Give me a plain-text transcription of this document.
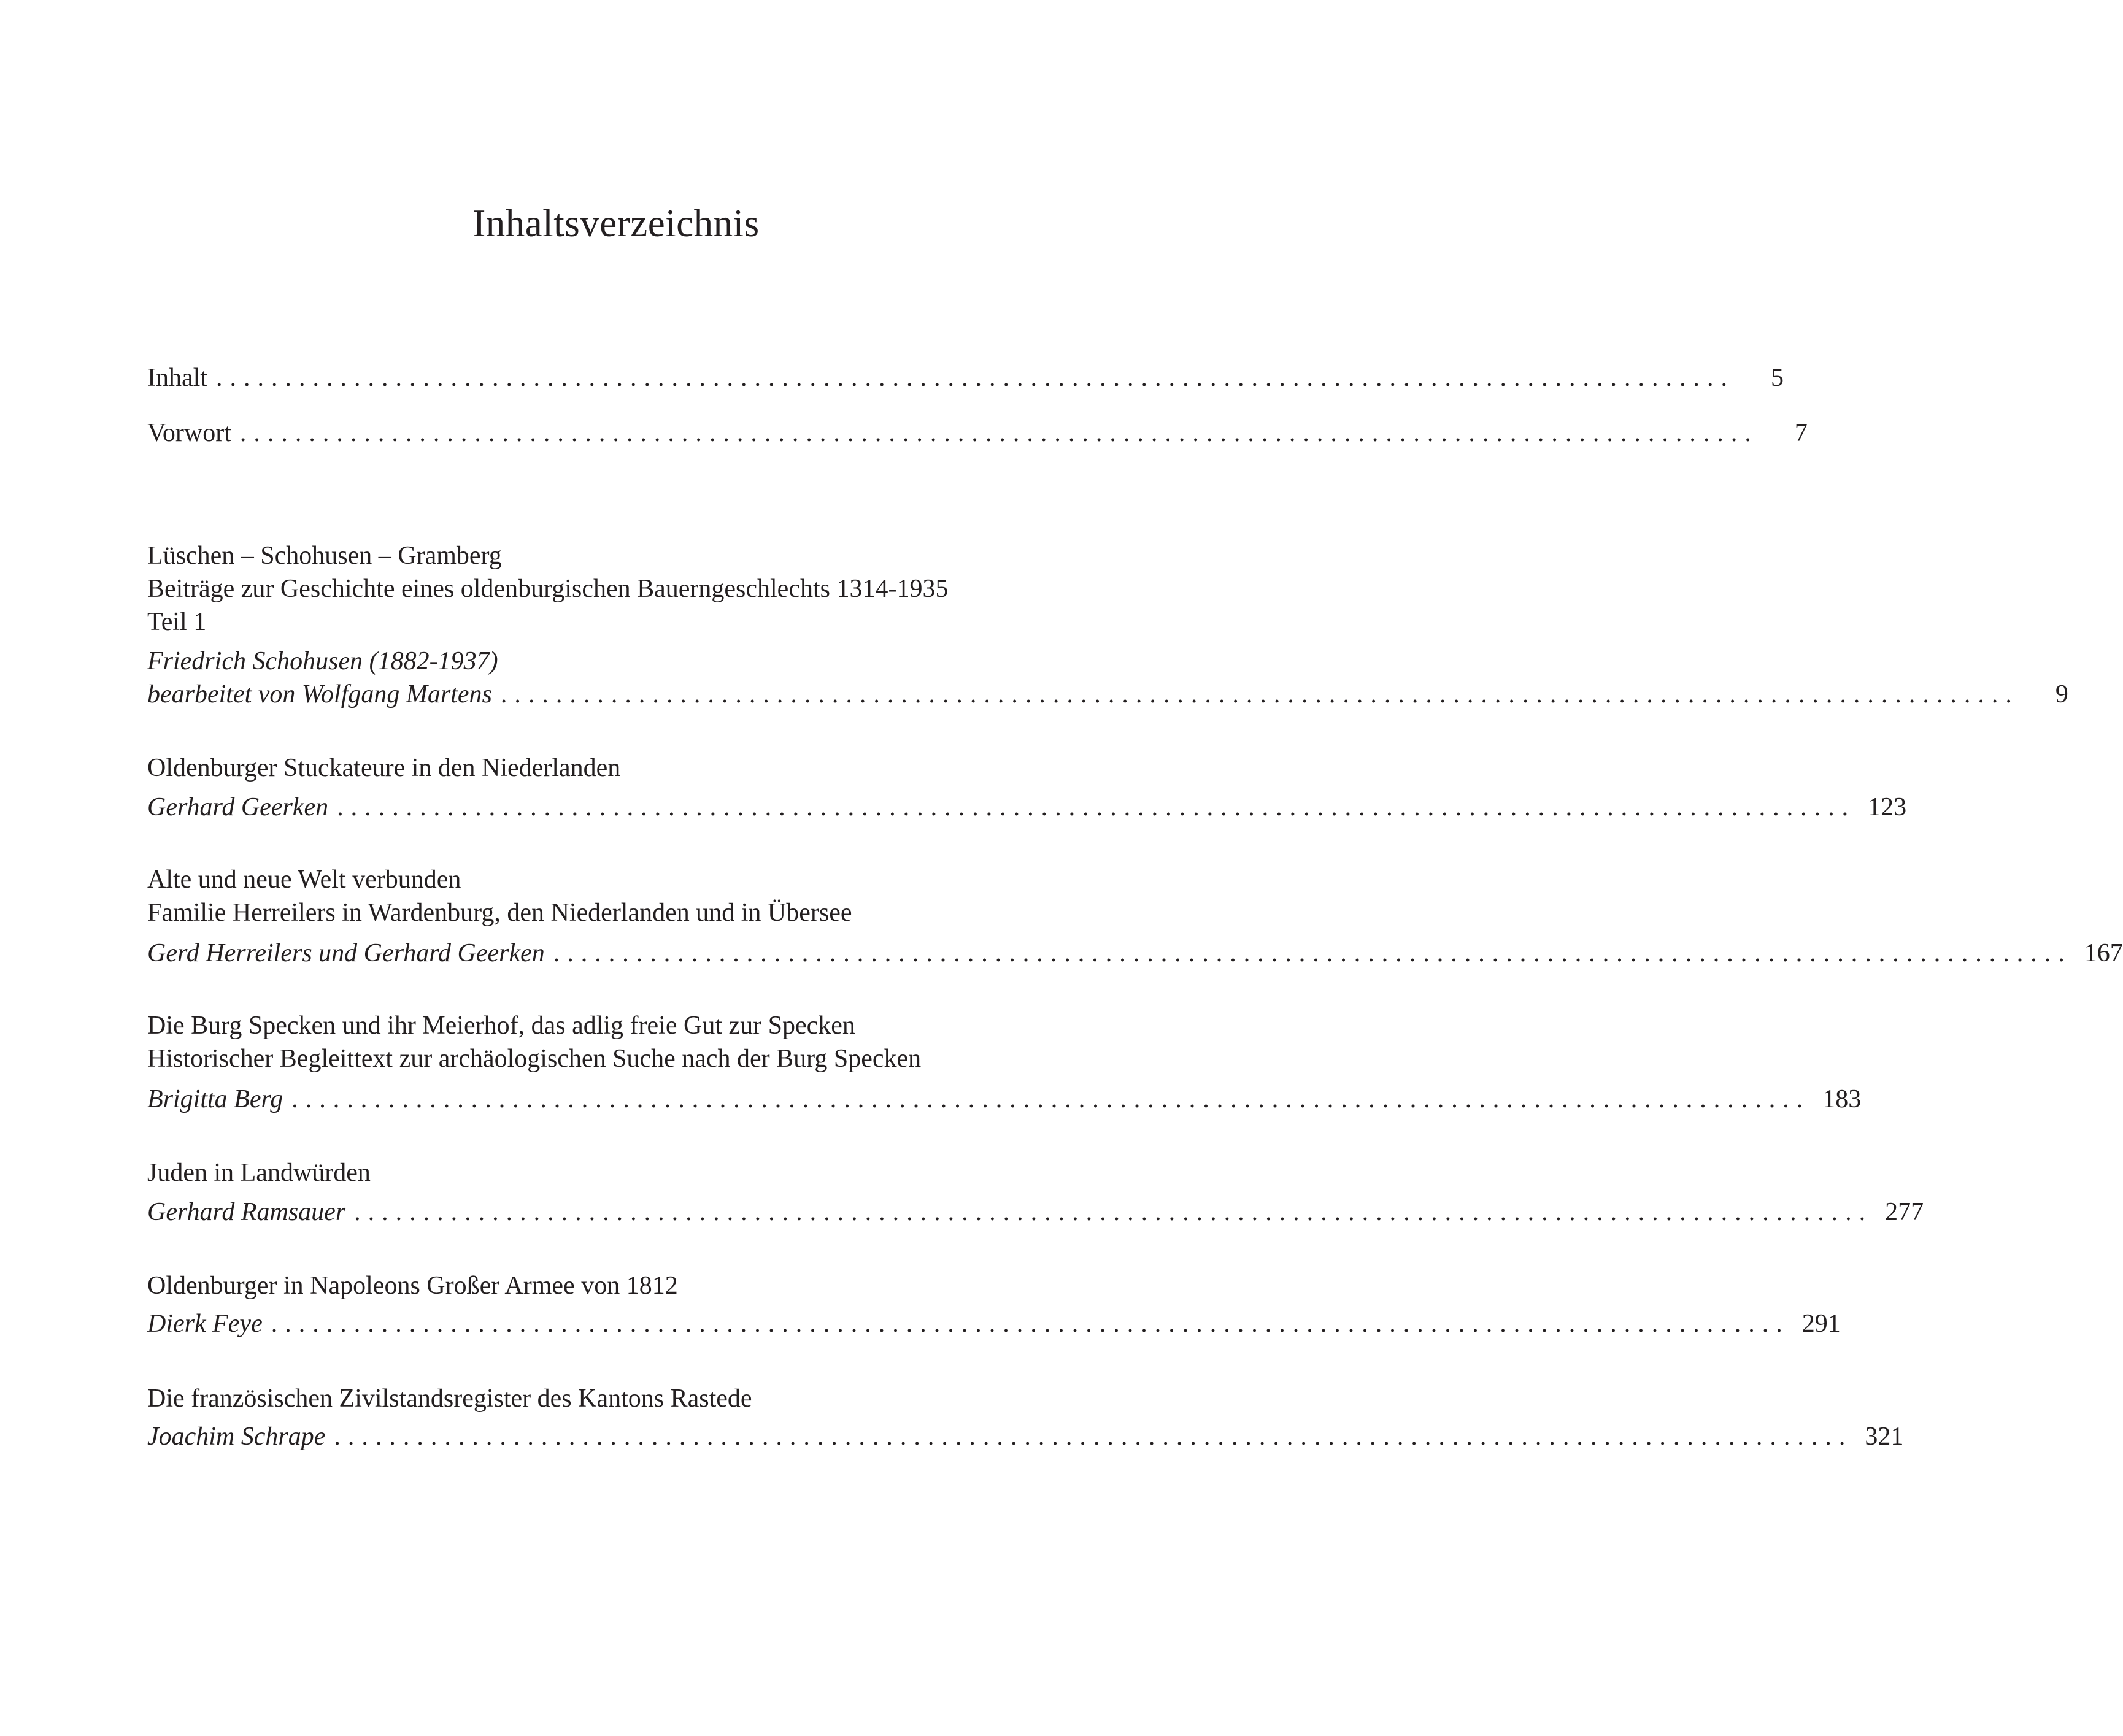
Inhaltsverzeichnis
Inhalt ..............................................................................................................	5
Vorwort ..............................................................................................................	7
Lüschen – Schohusen – Gramberg
Beiträge zur Geschichte eines oldenburgischen Bauerngeschlechts 1314-1935
Teil 1
Friedrich Schohusen (1882-1937)
bearbeitet von Wolfgang Martens ..............................................................................................................	9
Oldenburger Stuckateure in den Niederlanden
Gerhard Geerken .............................................................................................................. 123
Alte und neue Welt verbunden
Familie Herreilers in Wardenburg, den Niederlanden und in Übersee
Gerd Herreilers und Gerhard Geerken .............................................................................................................. 167
Die Burg Specken und ihr Meierhof, das adlig freie Gut zur Specken
Historischer Begleittext zur archäologischen Suche nach der Burg Specken
Brigitta Berg .............................................................................................................. 183
Juden in Landwürden
Gerhard Ramsauer .............................................................................................................. 277
Oldenburger in Napoleons Großer Armee von 1812
Dierk Feye .............................................................................................................. 291
Die französischen Zivilstandsregister des Kantons Rastede
Joachim Schrape .............................................................................................................. 321
